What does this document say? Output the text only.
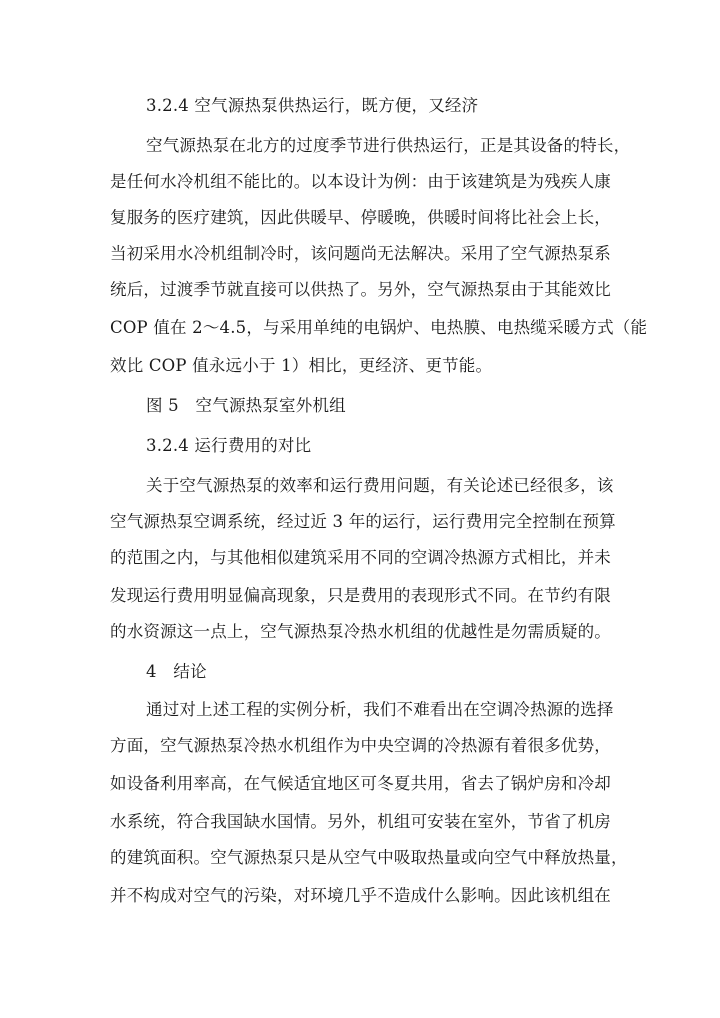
3.2.4 空气源热泵供热运行，既方便，又经济
空气源热泵在北方的过度季节进行供热运行，正是其设备的特长，
是任何水冷机组不能比的。以本设计为例：由于该建筑是为残疾人康
复服务的医疗建筑，因此供暖早、停暖晚，供暖时间将比社会上长，
当初采用水冷机组制冷时，该问题尚无法解决。采用了空气源热泵系
统后，过渡季节就直接可以供热了。另外，空气源热泵由于其能效比
COP 值在 2～4.5，与采用单纯的电锅炉、电热膜、电热缆采暖方式（能
效比 COP 值永远小于 1）相比，更经济、更节能。
图 5　空气源热泵室外机组
3.2.4 运行费用的对比
关于空气源热泵的效率和运行费用问题，有关论述已经很多，该
空气源热泵空调系统，经过近 3 年的运行，运行费用完全控制在预算
的范围之内，与其他相似建筑采用不同的空调冷热源方式相比，并未
发现运行费用明显偏高现象，只是费用的表现形式不同。在节约有限
的水资源这一点上，空气源热泵冷热水机组的优越性是勿需质疑的。
4　结论
通过对上述工程的实例分析，我们不难看出在空调冷热源的选择
方面，空气源热泵冷热水机组作为中央空调的冷热源有着很多优势，
如设备利用率高，在气候适宜地区可冬夏共用，省去了锅炉房和冷却
水系统，符合我国缺水国情。另外，机组可安装在室外，节省了机房
的建筑面积。空气源热泵只是从空气中吸取热量或向空气中释放热量，
并不构成对空气的污染，对环境几乎不造成什么影响。因此该机组在
